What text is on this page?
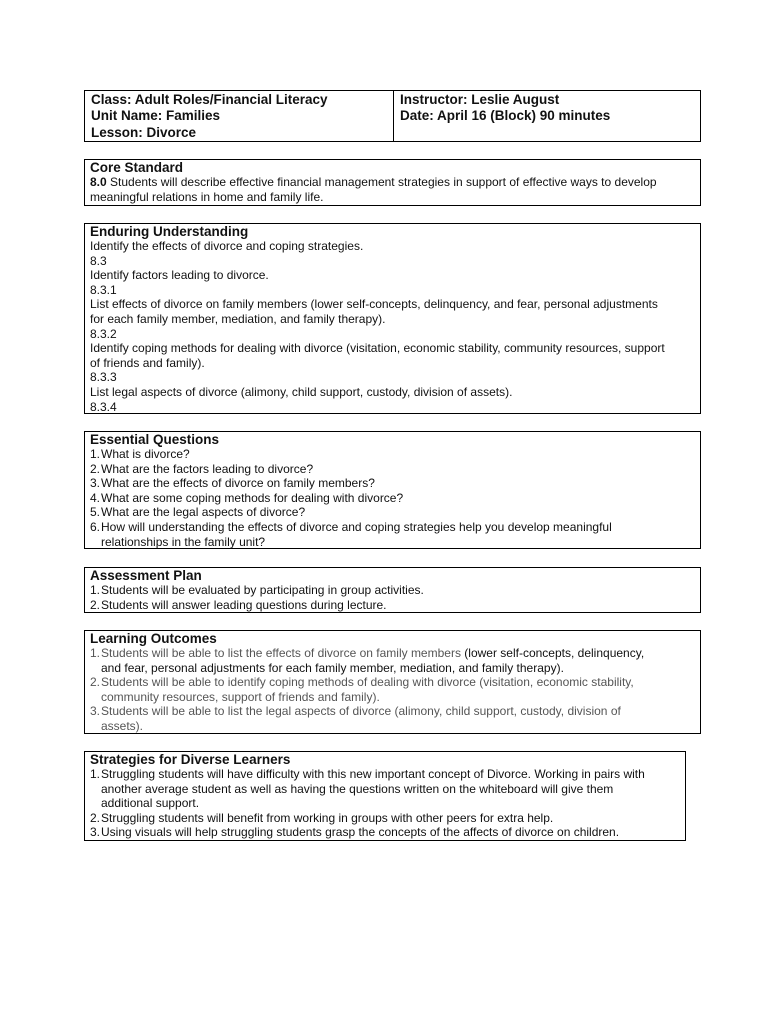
Class: Adult Roles/Financial Literacy
Unit Name: Families
Lesson: Divorce
Instructor: Leslie August
Date: April 16 (Block) 90 minutes
Core Standard
8.0 Students will describe effective financial management strategies in support of effective ways to develop
meaningful relations in home and family life.
Enduring Understanding
Identify the effects of divorce and coping strategies.
8.3
Identify factors leading to divorce.
8.3.1
List effects of divorce on family members (lower self-concepts, delinquency, and fear, personal adjustments
for each family member, mediation, and family therapy).
8.3.2
Identify coping methods for dealing with divorce (visitation, economic stability, community resources, support
of friends and family).
8.3.3
List legal aspects of divorce (alimony, child support, custody, division of assets).
8.3.4
Essential Questions
1. What is divorce?
2. What are the factors leading to divorce?
3. What are the effects of divorce on family members?
4. What are some coping methods for dealing with divorce?
5. What are the legal aspects of divorce?
6. How will understanding the effects of divorce and coping strategies help you develop meaningful
relationships in the family unit?
Assessment Plan
1. Students will be evaluated by participating in group activities.
2. Students will answer leading questions during lecture.
Learning Outcomes
1. Students will be able to list the effects of divorce on family members (lower self-concepts, delinquency,
and fear, personal adjustments for each family member, mediation, and family therapy).
2. Students will be able to identify coping methods of dealing with divorce (visitation, economic stability,
community resources, support of friends and family).
3. Students will be able to list the legal aspects of divorce (alimony, child support, custody, division of
assets).
Strategies for Diverse Learners
1. Struggling students will have difficulty with this new important concept of Divorce. Working in pairs with
another average student as well as having the questions written on the whiteboard will give them
additional support.
2. Struggling students will benefit from working in groups with other peers for extra help.
3. Using visuals will help struggling students grasp the concepts of the affects of divorce on children.
